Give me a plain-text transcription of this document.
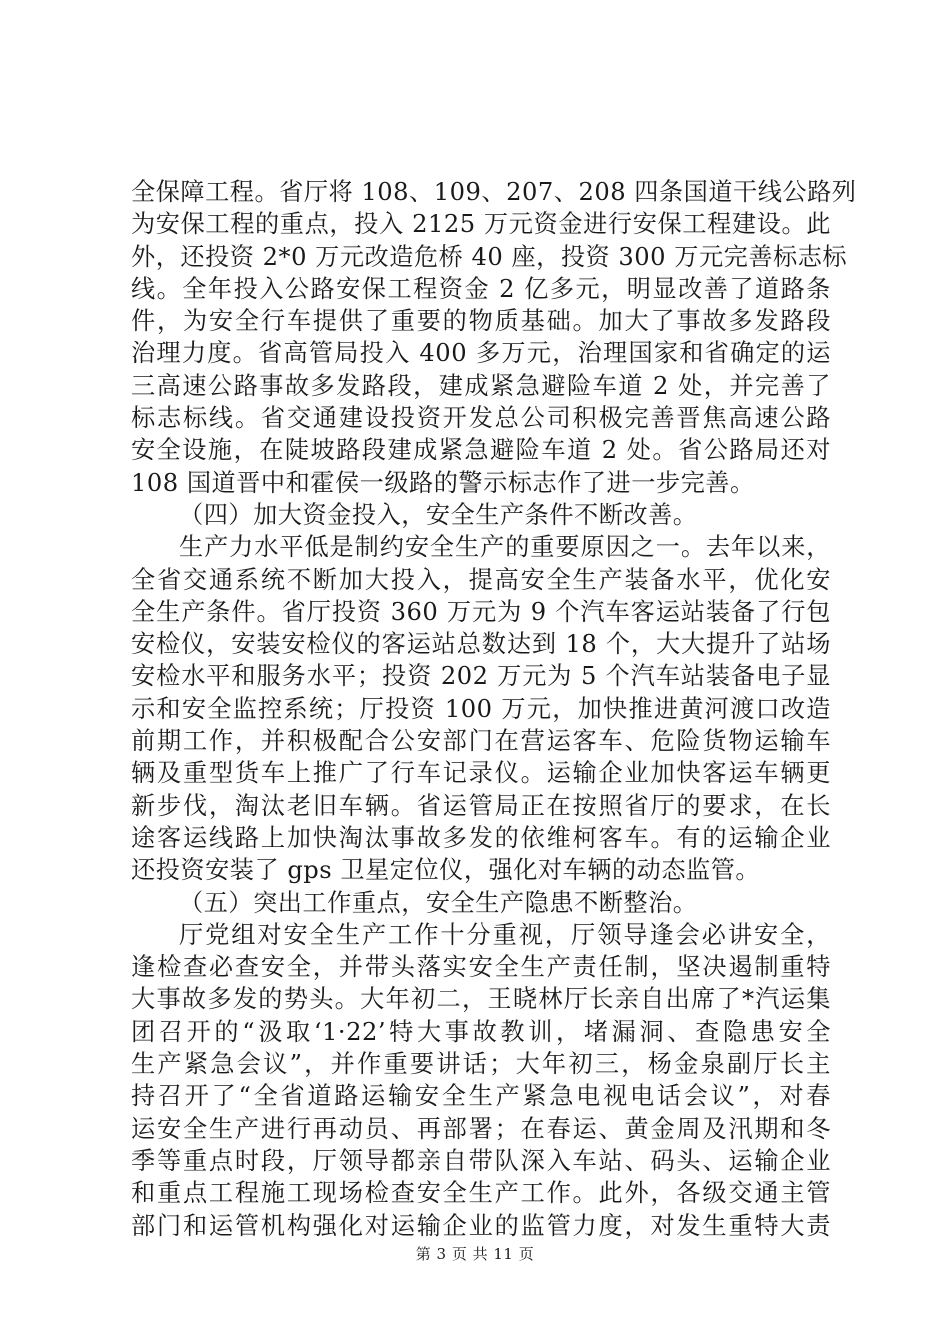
全保障工程。省厅将 108、109、207、208 四条国道干线公路列
为安保工程的重点，投入 2125 万元资金进行安保工程建设。此
外，还投资 2*0 万元改造危桥 40 座，投资 300 万元完善标志标
线。全年投入公路安保工程资金 2 亿多元，明显改善了道路条
件，为安全行车提供了重要的物质基础。加大了事故多发路段
治理力度。省高管局投入 400 多万元，治理国家和省确定的运
三高速公路事故多发路段，建成紧急避险车道 2 处，并完善了
标志标线。省交通建设投资开发总公司积极完善晋焦高速公路
安全设施，在陡坡路段建成紧急避险车道 2 处。省公路局还对
108 国道晋中和霍侯一级路的警示标志作了进一步完善。
（四）加大资金投入，安全生产条件不断改善。
生产力水平低是制约安全生产的重要原因之一。去年以来，
全省交通系统不断加大投入，提高安全生产装备水平，优化安
全生产条件。省厅投资 360 万元为 9 个汽车客运站装备了行包
安检仪，安装安检仪的客运站总数达到 18 个，大大提升了站场
安检水平和服务水平；投资 202 万元为 5 个汽车站装备电子显
示和安全监控系统；厅投资 100 万元，加快推进黄河渡口改造
前期工作，并积极配合公安部门在营运客车、危险货物运输车
辆及重型货车上推广了行车记录仪。运输企业加快客运车辆更
新步伐，淘汰老旧车辆。省运管局正在按照省厅的要求，在长
途客运线路上加快淘汰事故多发的依维柯客车。有的运输企业
还投资安装了 gps 卫星定位仪，强化对车辆的动态监管。
（五）突出工作重点，安全生产隐患不断整治。
厅党组对安全生产工作十分重视，厅领导逢会必讲安全，
逢检查必查安全，并带头落实安全生产责任制，坚决遏制重特
大事故多发的势头。大年初二，王晓林厅长亲自出席了*汽运集
团召开的“汲取‘1·22’特大事故教训，堵漏洞、查隐患安全
生产紧急会议”，并作重要讲话；大年初三，杨金泉副厅长主
持召开了“全省道路运输安全生产紧急电视电话会议”，对春
运安全生产进行再动员、再部署；在春运、黄金周及汛期和冬
季等重点时段，厅领导都亲自带队深入车站、码头、运输企业
和重点工程施工现场检查安全生产工作。此外，各级交通主管
部门和运管机构强化对运输企业的监管力度，对发生重特大责
第 3 页 共 11 页
